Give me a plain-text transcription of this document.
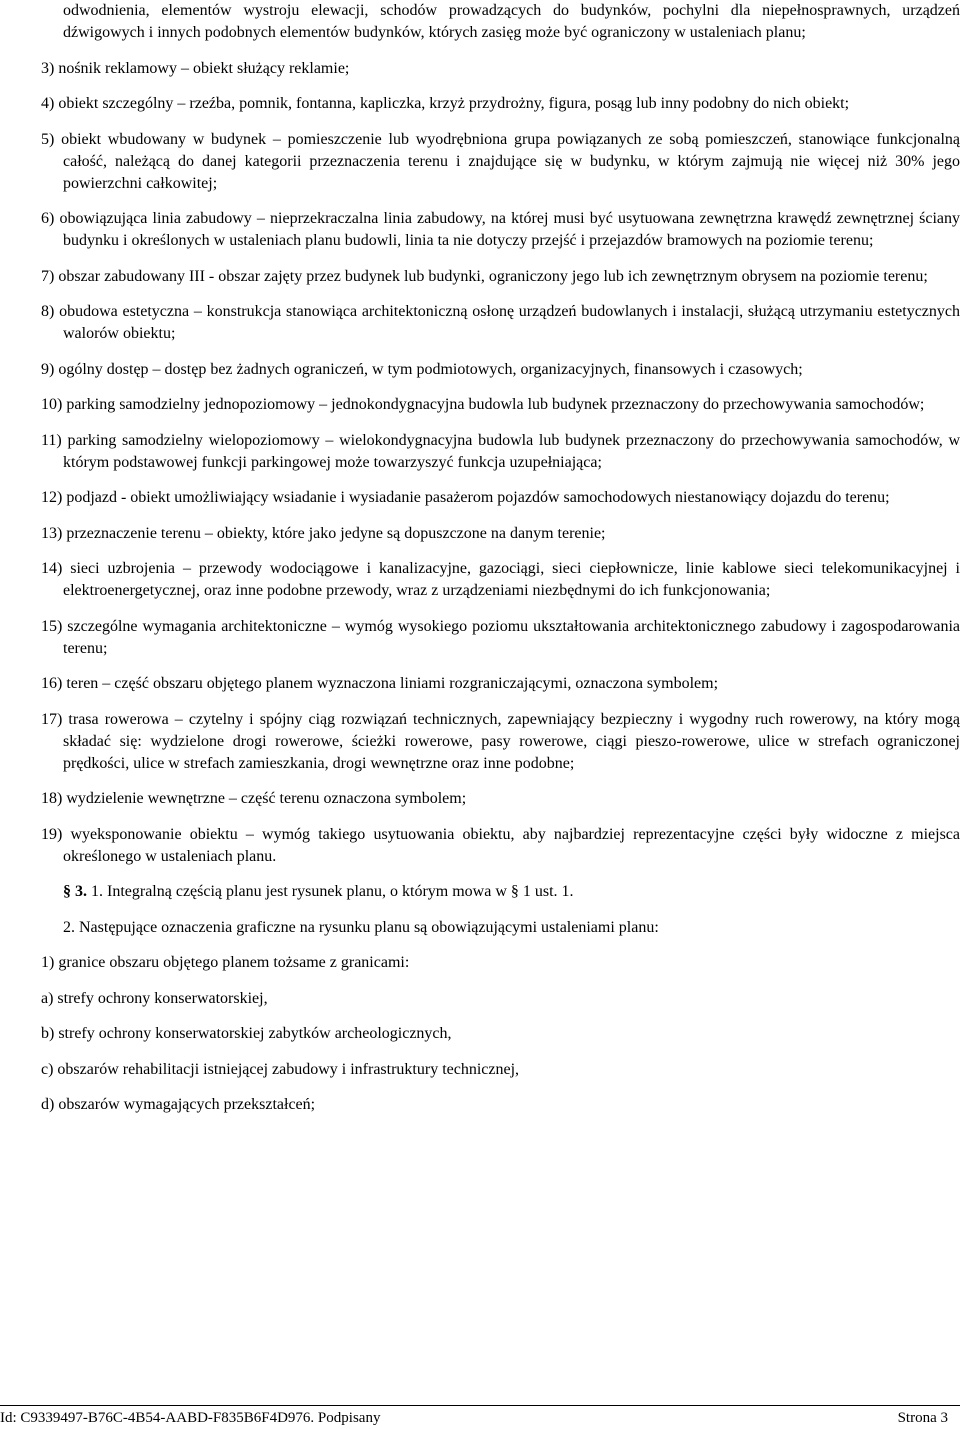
odwodnienia, elementów wystroju elewacji, schodów prowadzących do budynków, pochylni dla niepełnosprawnych, urządzeń dźwigowych i innych podobnych elementów budynków, których zasięg może być ograniczony w ustaleniach planu;

3) nośnik reklamowy – obiekt służący reklamie;

4) obiekt szczególny – rzeźba, pomnik, fontanna, kapliczka, krzyż przydrożny, figura, posąg lub inny podobny do nich obiekt;

5) obiekt wbudowany w budynek – pomieszczenie lub wyodrębniona grupa powiązanych ze sobą pomieszczeń, stanowiące funkcjonalną całość, należącą do danej kategorii przeznaczenia terenu i znajdujące się w budynku, w którym zajmują nie więcej niż 30% jego powierzchni całkowitej;

6) obowiązująca linia zabudowy – nieprzekraczalna linia zabudowy, na której musi być usytuowana zewnętrzna krawędź zewnętrznej ściany budynku i określonych w ustaleniach planu budowli, linia ta nie dotyczy przejść i przejazdów bramowych na poziomie terenu;

7) obszar zabudowany III - obszar zajęty przez budynek lub budynki, ograniczony jego lub ich zewnętrznym obrysem na poziomie terenu;

8) obudowa estetyczna – konstrukcja stanowiąca architektoniczną osłonę urządzeń budowlanych i instalacji, służącą utrzymaniu estetycznych walorów obiektu;

9) ogólny dostęp – dostęp bez żadnych ograniczeń, w tym podmiotowych, organizacyjnych, finansowych i czasowych;

10) parking samodzielny jednopoziomowy – jednokondygnacyjna budowla lub budynek przeznaczony do przechowywania samochodów;

11) parking samodzielny wielopoziomowy – wielokondygnacyjna budowla lub budynek przeznaczony do przechowywania samochodów, w którym podstawowej funkcji parkingowej może towarzyszyć funkcja uzupełniająca;

12) podjazd - obiekt umożliwiający wsiadanie i wysiadanie pasażerom pojazdów samochodowych niestanowiący dojazdu do terenu;

13) przeznaczenie terenu – obiekty, które jako jedyne są dopuszczone na danym terenie;

14) sieci uzbrojenia – przewody wodociągowe i kanalizacyjne, gazociągi, sieci ciepłownicze, linie kablowe sieci telekomunikacyjnej i elektroenergetycznej, oraz inne podobne przewody, wraz z urządzeniami niezbędnymi do ich funkcjonowania;

15) szczególne wymagania architektoniczne – wymóg wysokiego poziomu ukształtowania architektonicznego zabudowy i zagospodarowania terenu;

16) teren – część obszaru objętego planem wyznaczona liniami rozgraniczającymi, oznaczona symbolem;

17) trasa rowerowa – czytelny i spójny ciąg rozwiązań technicznych, zapewniający bezpieczny i wygodny ruch rowerowy, na który mogą składać się: wydzielone drogi rowerowe, ścieżki rowerowe, pasy rowerowe, ciągi pieszo-rowerowe, ulice w strefach ograniczonej prędkości, ulice w strefach zamieszkania, drogi wewnętrzne oraz inne podobne;

18) wydzielenie wewnętrzne – część terenu oznaczona symbolem;

19) wyeksponowanie obiektu – wymóg takiego usytuowania obiektu, aby najbardziej reprezentacyjne części były widoczne z miejsca określonego w ustaleniach planu.

§ 3. 1. Integralną częścią planu jest rysunek planu, o którym mowa w § 1 ust. 1.

2. Następujące oznaczenia graficzne na rysunku planu są obowiązującymi ustaleniami planu:

1) granice obszaru objętego planem tożsame z granicami:

a) strefy ochrony konserwatorskiej,

b) strefy ochrony konserwatorskiej zabytków archeologicznych,

c) obszarów rehabilitacji istniejącej zabudowy i infrastruktury technicznej,

d) obszarów wymagających przekształceń;

Id: C9339497-B76C-4B54-AABD-F835B6F4D976. Podpisany	Strona 3
